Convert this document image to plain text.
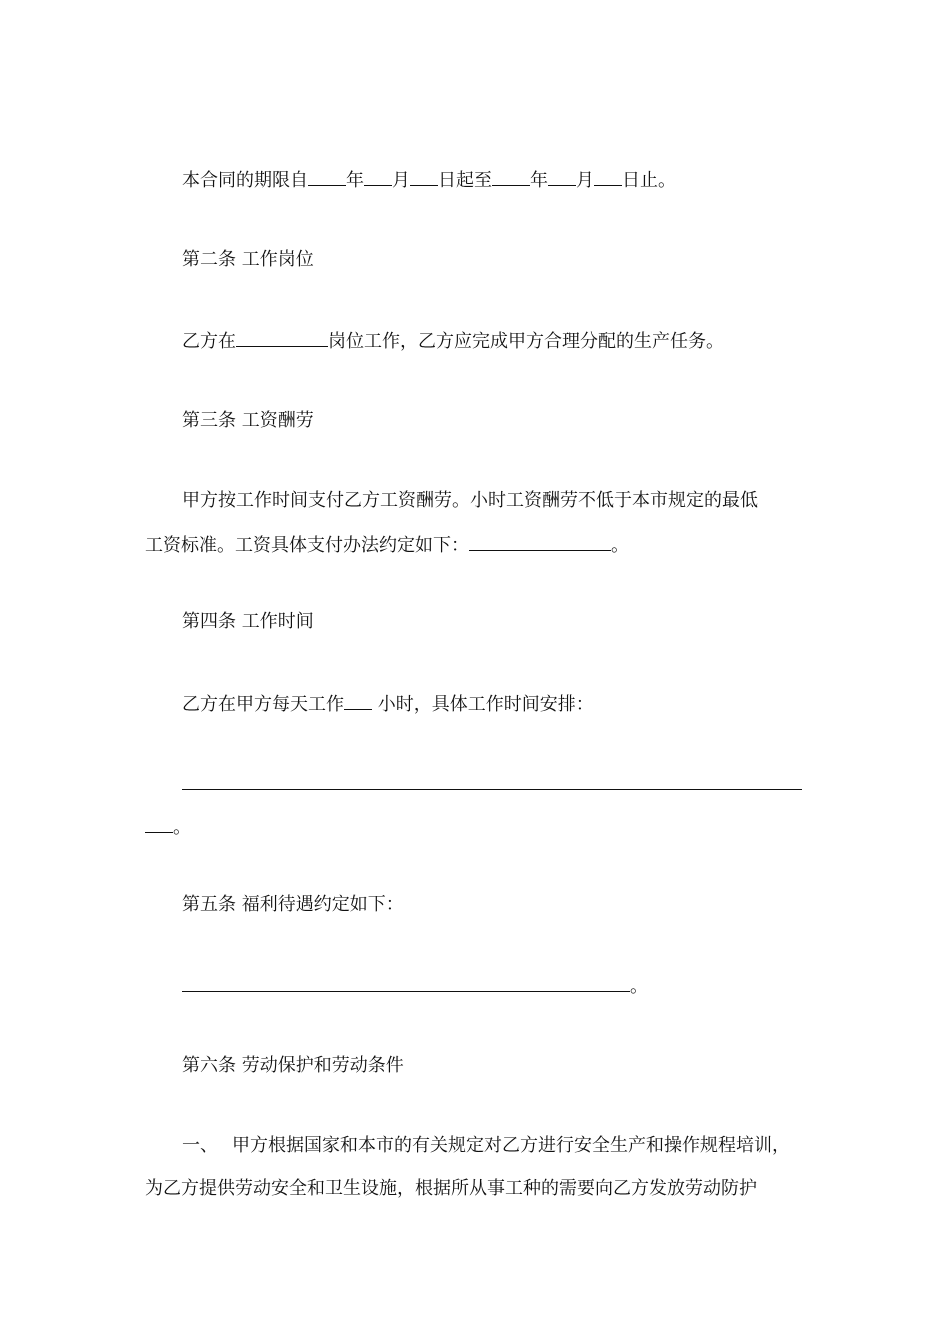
本合同的期限自 年 月 日起至 年 月 日止。
第二条 工作岗位
乙方在	岗位工作，乙方应完成甲方合理分配的生产任务。
第三条 工资酬劳
甲方按工作时间支付乙方工资酬劳。小时工资酬劳不低于本市规定的最低
工资标准。工资具体支付办法约定如下：	。
第四条 工作时间
乙方在甲方每天工作 小时，具体工作时间安排：
。
第五条 福利待遇约定如下：
。
第六条 劳动保护和劳动条件
一、 甲方根据国家和本市的有关规定对乙方进行安全生产和操作规程培训，
为乙方提供劳动安全和卫生设施，根据所从事工种的需要向乙方发放劳动防护
